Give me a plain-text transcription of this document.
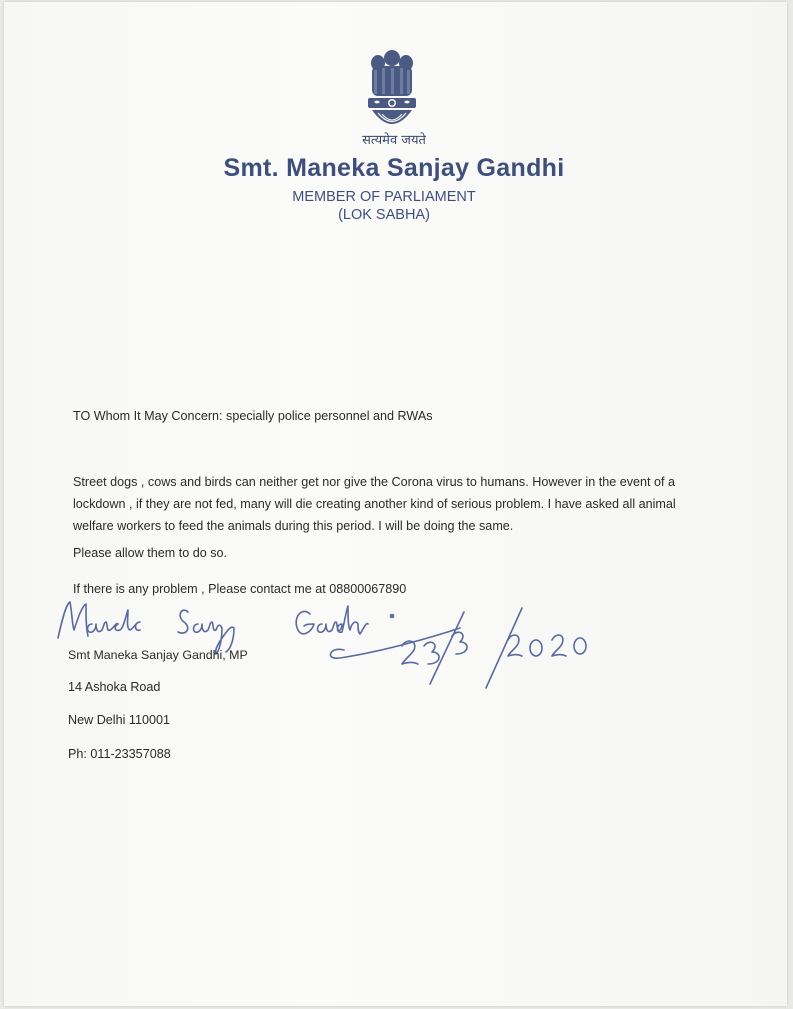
सत्यमेव जयते
Smt. Maneka Sanjay Gandhi
MEMBER OF PARLIAMENT
(LOK SABHA)
TO Whom It May Concern: specially police personnel and RWAs
Street dogs , cows and birds can neither get nor give the Corona virus to humans. However in the event of a lockdown , if they are not fed, many will die creating another kind of serious problem. I have asked all animal welfare workers to feed the animals during this period. I will be doing the same.
Please allow them to do so.
If there is any problem , Please contact me at 08800067890
Smt Maneka Sanjay Gandhi, MP
14 Ashoka Road
New Delhi 110001
Ph: 011-23357088
